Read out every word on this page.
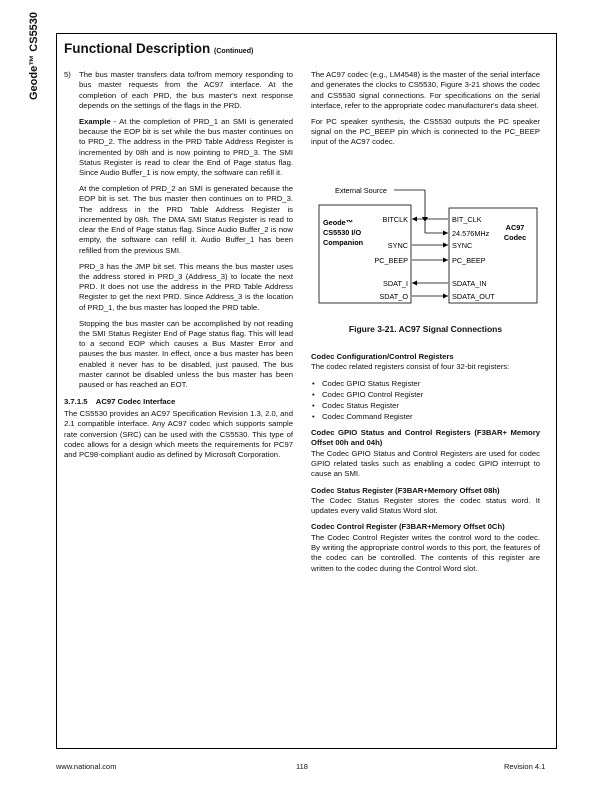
Geode™ CS5530 Functional Description (Continued)

5) The bus master transfers data to/from memory responding to bus master requests from the AC97 interface. At the completion of each PRD, the bus master's next response depends on the settings of the flags in the PRD.

Example - At the completion of PRD_1 an SMI is generated because the EOP bit is set while the bus master continues on to PRD_2. The address in the PRD Table Address Register is incremented by 08h and is now pointing to PRD_3. The SMI Status Register is read to clear the End of Page status flag. Since Audio Buffer_1 is now empty, the software can refill it.

At the completion of PRD_2 an SMI is generated because the EOP bit is set. The bus master then continues on to PRD_3. The address in the PRD Table Address Register is incremented by 08h. The DMA SMI Status Register is read to clear the End of Page status flag. Since Audio Buffer_2 is now empty, the software can refill it. Audio Buffer_1 has been refilled from the previous SMI.

PRD_3 has the JMP bit set. This means the bus master uses the address stored in PRD_3 (Address_3) to locate the next PRD. It does not use the address in the PRD Table Address Register to get the next PRD. Since Address_3 is the location of PRD_1, the bus master has looped the PRD table.

Stopping the bus master can be accomplished by not reading the SMI Status Register End of Page status flag. This will lead to a second EOP which causes a Bus Master Error and pauses the bus master. In effect, once a bus master has been enabled it never has to be disabled, just paused. The bus master cannot be disabled unless the bus master has been paused or has reached an EOT.

3.7.1.5    AC97 Codec Interface

The CS5530 provides an AC97 Specification Revision 1.3, 2.0, and 2.1 compatible interface. Any AC97 codec which supports sample rate conversion (SRC) can be used with the CS5530. This type of codec allows for a design which meets the requirements for PC97 and PC98-compliant audio as defined by Microsoft Corporation.

The AC97 codec (e.g., LM4548) is the master of the serial interface and generates the clocks to CS5530, Figure 3-21 shows the codec and CS5530 signal connections. For specifications on the serial interface, refer to the appropriate codec manufacturer's data sheet.

For PC speaker synthesis, the CS5530 outputs the PC speaker signal on the PC_BEEP pin which is connected to the PC_BEEP input of the AC97 codec.

External Source
Geode™
CS5530 I/O
Companion
BITCLK
SYNC
PC_BEEP
SDAT_I
SDAT_O
BIT_CLK
24.576MHz
SYNC
PC_BEEP
SDATA_IN
SDATA_OUT
AC97
Codec
Figure 3-21. AC97 Signal Connections

Codec Configuration/Control Registers

The codec related registers consist of four 32-bit registers:

• Codec GPIO Status Register
• Codec GPIO Control Register
• Codec Status Register
• Codec Command Register

Codec GPIO Status and Control Registers (F3BAR+ Memory Offset 00h and 04h)

The Codec GPIO Status and Control Registers are used for codec GPIO related tasks such as enabling a codec GPIO interrupt to cause an SMI.

Codec Status Register (F3BAR+Memory Offset 08h)

The Codec Status Register stores the codec status word. It updates every valid Status Word slot.

Codec Control Register (F3BAR+Memory Offset 0Ch)

The Codec Control Register writes the control word to the codec. By writing the appropriate control words to this port, the features of the codec can be controlled. The contents of this register are written to the codec during the Control Word slot.

www.national.com	118	Revision 4.1
